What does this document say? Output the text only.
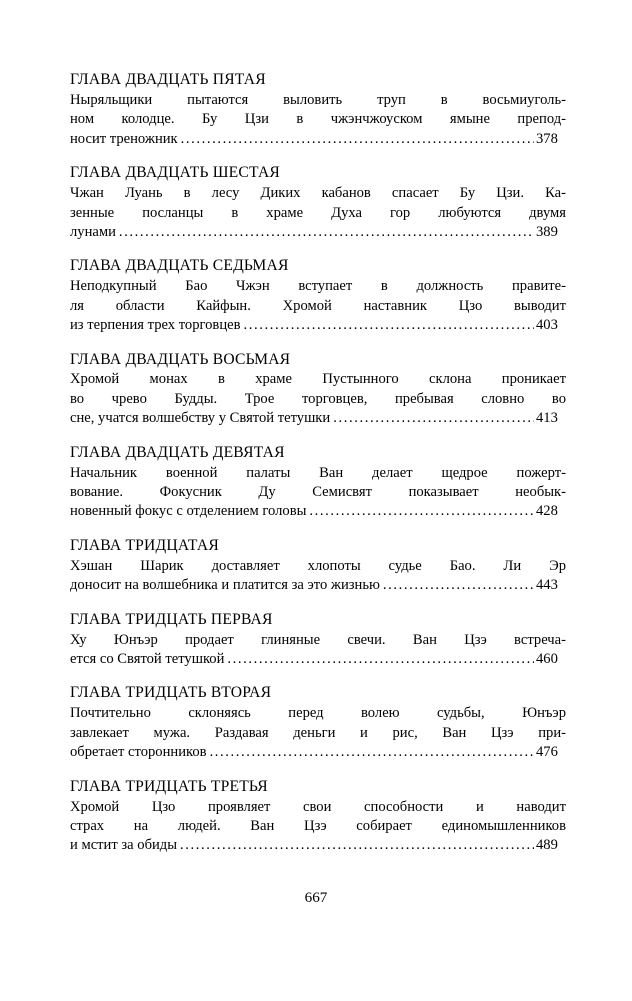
ГЛАВА ДВАДЦАТЬ ПЯТАЯ
Ныряльщики пытаются выловить труп в восьмиуголь-
ном колодце. Бу Цзи в чжэнчжоуском ямыне препод-
носит треножник .....	378
ГЛАВА ДВАДЦАТЬ ШЕСТАЯ
Чжан Луань в лесу Диких кабанов спасает Бу Цзи. Ка-
зенные посланцы в храме Духа гор любуются двумя
лунами .....	389
ГЛАВА ДВАДЦАТЬ СЕДЬМАЯ
Неподкупный Бао Чжэн вступает в должность правите-
ля области Кайфын. Хромой наставник Цзо выводит
из терпения трех торговцев .....	403
ГЛАВА ДВАДЦАТЬ ВОСЬМАЯ
Хромой монах в храме Пустынного склона проникает
во чрево Будды. Трое торговцев, пребывая словно во
сне, учатся волшебству у Святой тетушки .....	413
ГЛАВА ДВАДЦАТЬ ДЕВЯТАЯ
Начальник военной палаты Ван делает щедрое пожерт-
вование. Фокусник Ду Семисвят показывает необык-
новенный фокус с отделением головы .....	428
ГЛАВА ТРИДЦАТАЯ
Хэшан Шарик доставляет хлопоты судье Бао. Ли Эр
доносит на волшебника и платится за это жизнью .....	443
ГЛАВА ТРИДЦАТЬ ПЕРВАЯ
Ху Юнъэр продает глиняные свечи. Ван Цзэ встреча-
ется со Святой тетушкой .....	460
ГЛАВА ТРИДЦАТЬ ВТОРАЯ
Почтительно склоняясь перед волею судьбы, Юнъэр
завлекает мужа. Раздавая деньги и рис, Ван Цзэ при-
обретает сторонников .....	476
ГЛАВА ТРИДЦАТЬ ТРЕТЬЯ
Хромой Цзо проявляет свои способности и наводит
страх на людей. Ван Цзэ собирает единомышленников
и мстит за обиды .....	489
667
